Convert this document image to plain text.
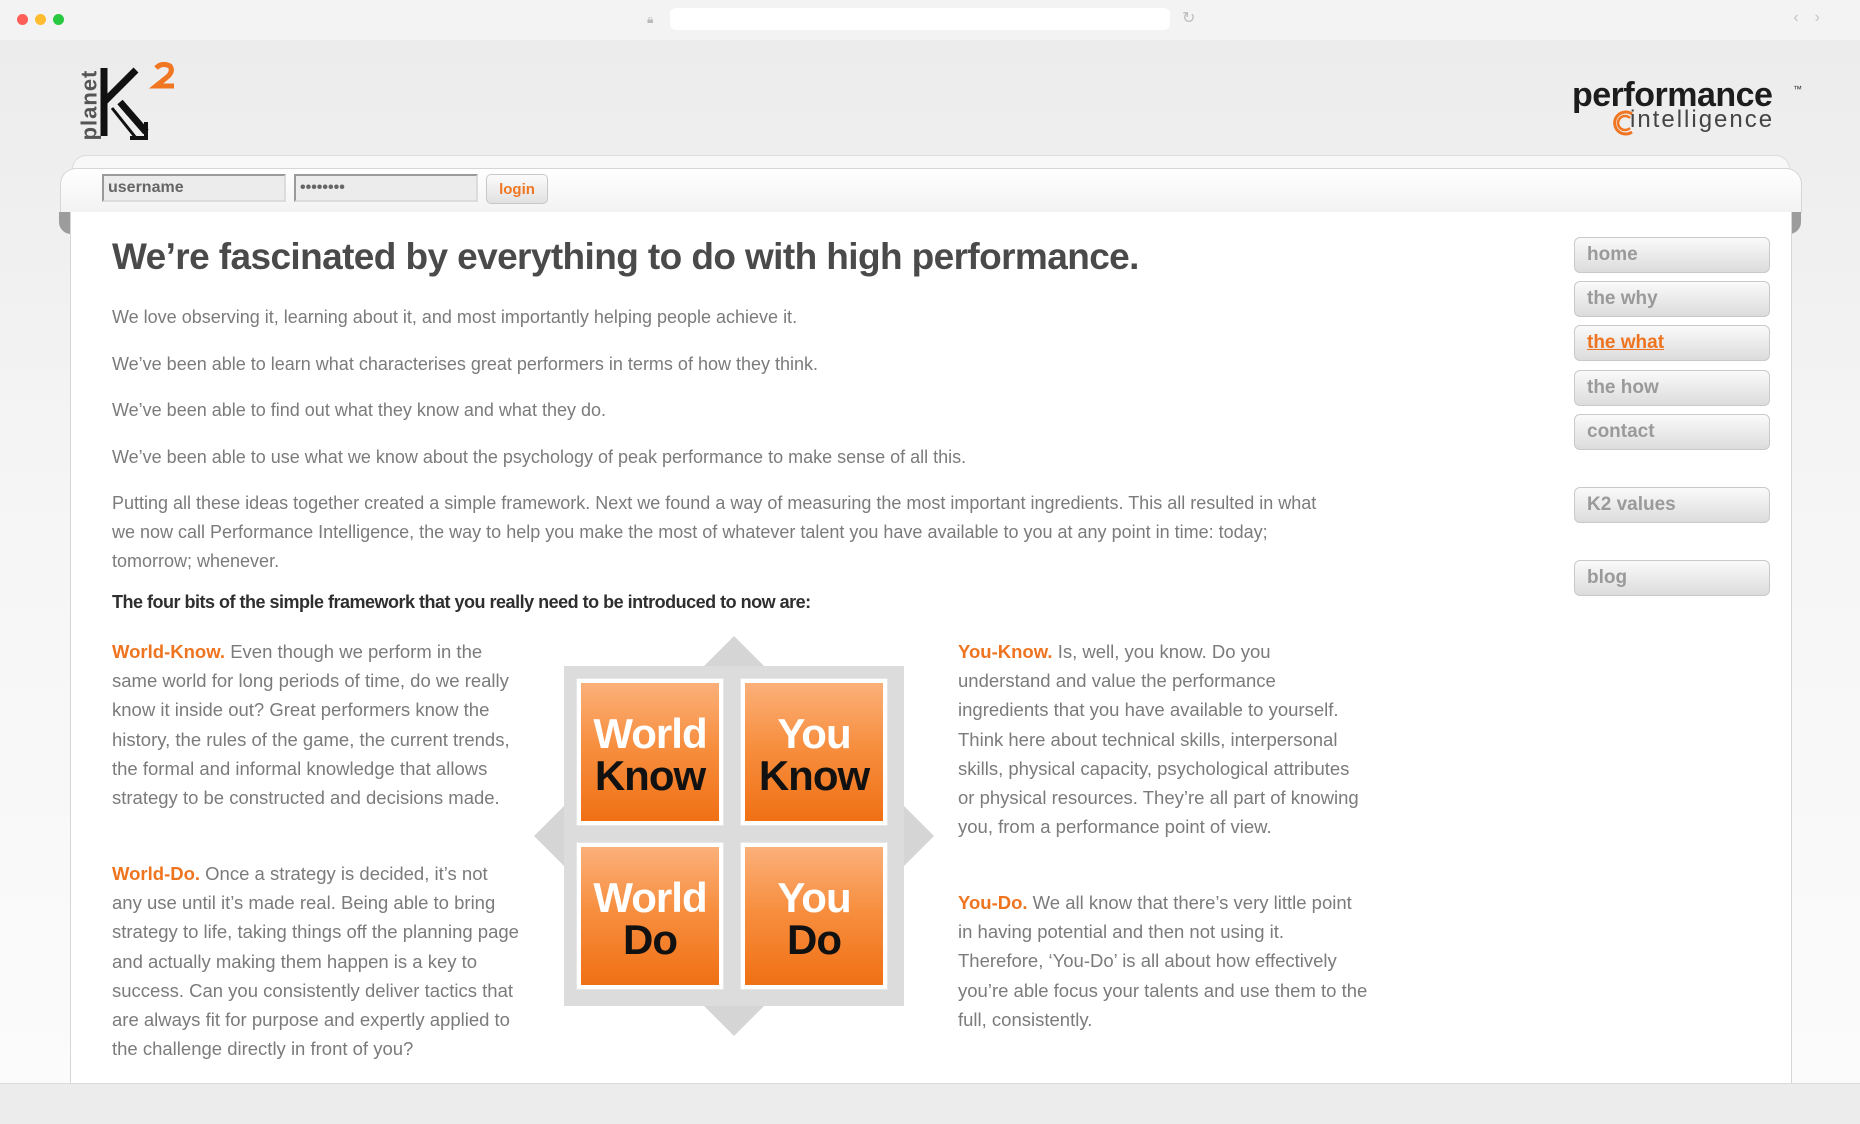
🔒︎	↻	‹›
planet	performance ™
intelligence
username
••••••••
login
We’re fascinated by everything to do with high performance.

We love observing it, learning about it, and most importantly helping people achieve it.

We’ve been able to learn what characterises great performers in terms of how they think.

We’ve been able to find out what they know and what they do.

We’ve been able to use what we know about the psychology of peak performance to make sense of all this.

Putting all these ideas together created a simple framework. Next we found a way of measuring the most important ingredients. This all resulted in what we now call Performance Intelligence, the way to help you make the most of whatever talent you have available to you at any point in time: today; tomorrow; whenever.

The four bits of the simple framework that you really need to be introduced to now are:

World-Know. Even though we perform in the same world for long periods of time, do we really know it inside out? Great performers know the history, the rules of the game, the current trends, the formal and informal knowledge that allows strategy to be constructed and decisions made.

World-Do. Once a strategy is decided, it’s not any use until it’s made real. Being able to bring strategy to life, taking things off the planning page and actually making them happen is a key to success. Can you consistently deliver tactics that are always fit for purpose and expertly applied to the challenge directly in front of you?

You-Know. Is, well, you know. Do you understand and value the performance ingredients that you have available to yourself. Think here about technical skills, interpersonal skills, physical capacity, psychological attributes or physical resources. They’re all part of knowing you, from a performance point of view.

You-Do. We all know that there’s very little point in having potential and then not using it. Therefore, ‘You-Do’ is all about how effectively you’re able focus your talents and use them to the full, consistently.

World
Know
You
Know
World
Do
You
Do
home
the why
the what
the how
contact
K2 values
blog
